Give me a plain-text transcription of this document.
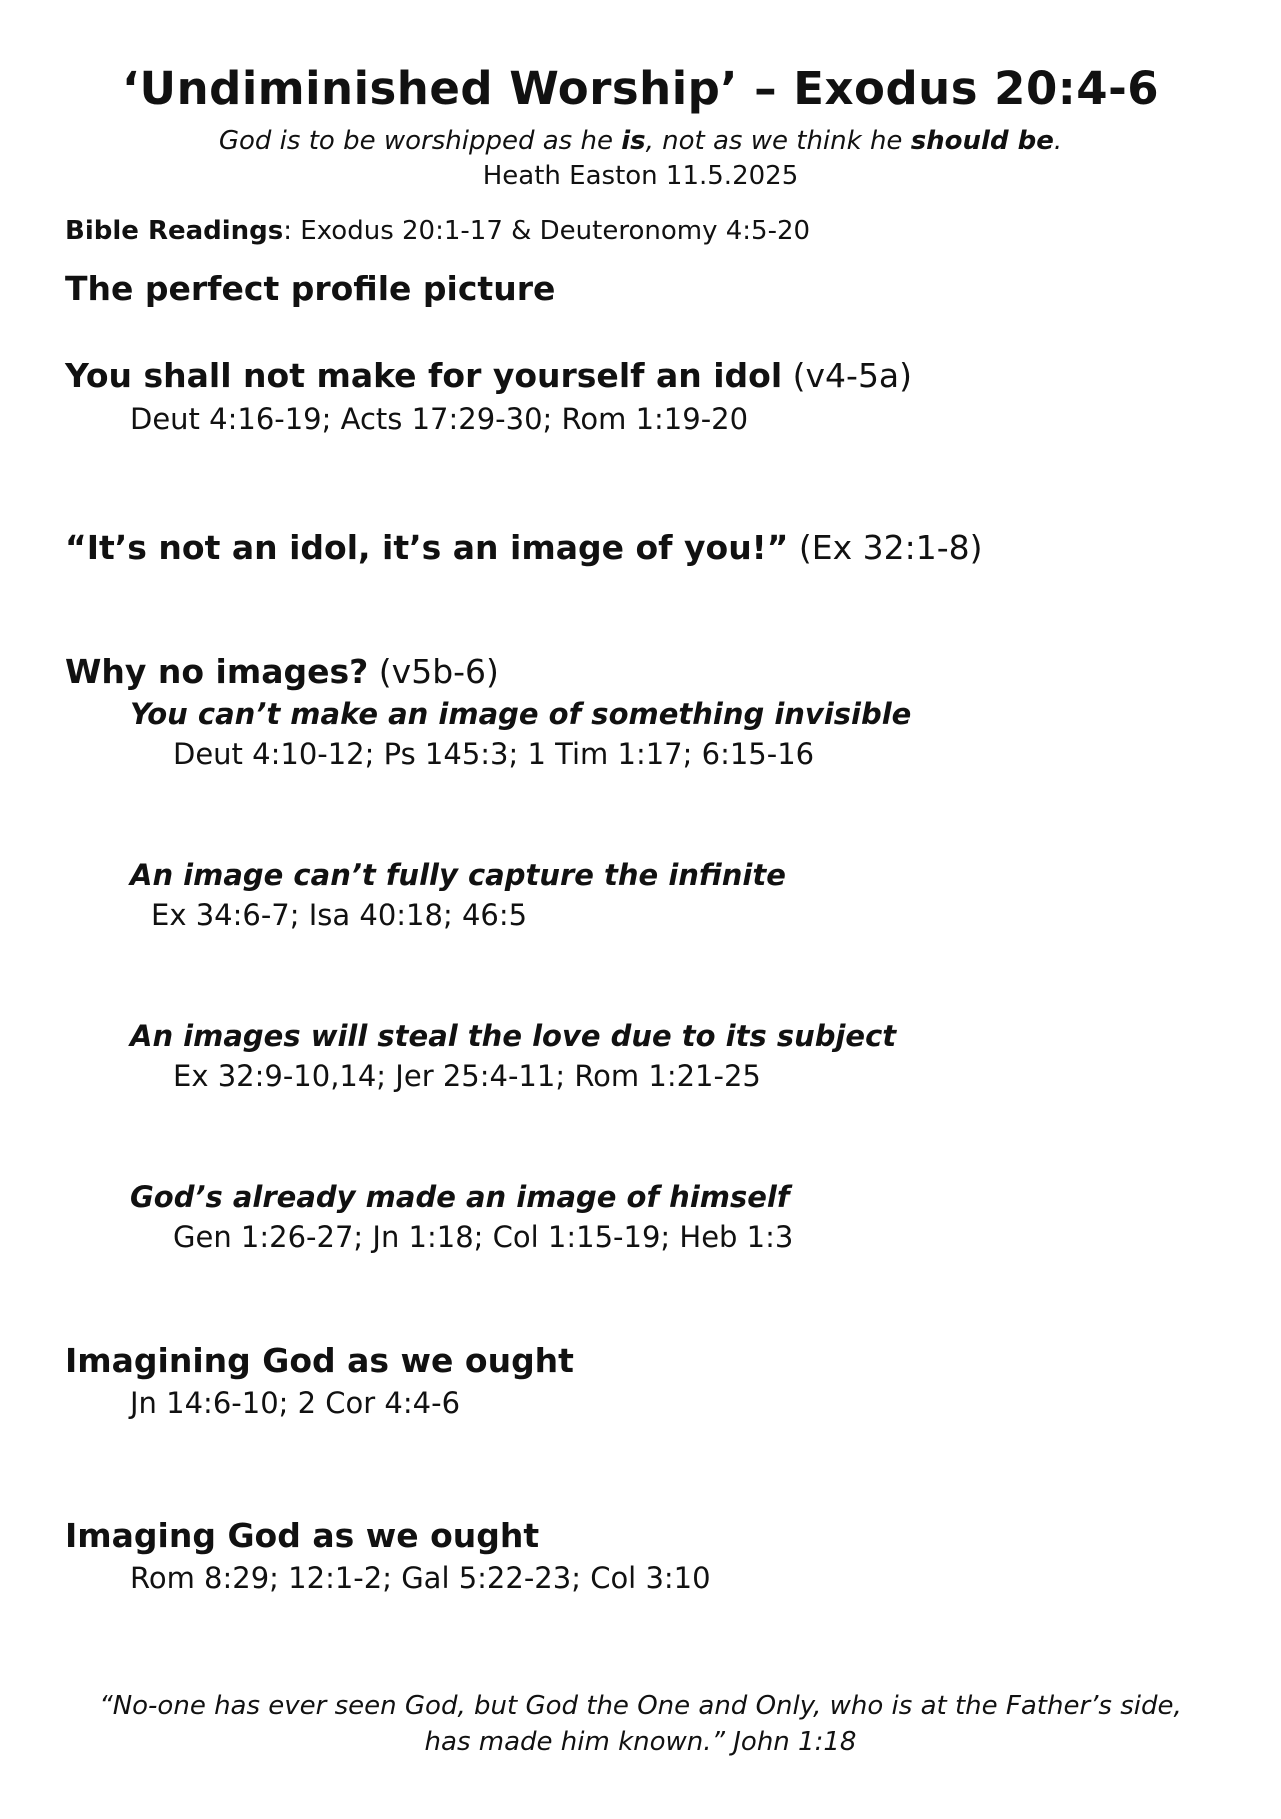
‘Undiminished Worship’ – Exodus 20:4-6
God is to be worshipped as he is, not as we think he should be.
Heath Easton 11.5.2025
Bible Readings: Exodus 20:1-17 & Deuteronomy 4:5-20
The perfect profile picture
You shall not make for yourself an idol (v4-5a)
Deut 4:16-19; Acts 17:29-30; Rom 1:19-20
“It’s not an idol, it’s an image of you!” (Ex 32:1-8)
Why no images? (v5b-6)
You can’t make an image of something invisible
Deut 4:10-12; Ps 145:3; 1 Tim 1:17; 6:15-16
An image can’t fully capture the infinite
Ex 34:6-7; Isa 40:18; 46:5
An images will steal the love due to its subject
Ex 32:9-10,14; Jer 25:4-11; Rom 1:21-25
God’s already made an image of himself
Gen 1:26-27; Jn 1:18; Col 1:15-19; Heb 1:3
Imagining God as we ought
Jn 14:6-10; 2 Cor 4:4-6
Imaging God as we ought
Rom 8:29; 12:1-2; Gal 5:22-23; Col 3:10
“No-one has ever seen God, but God the One and Only, who is at the Father’s side,
has made him known.” John 1:18
